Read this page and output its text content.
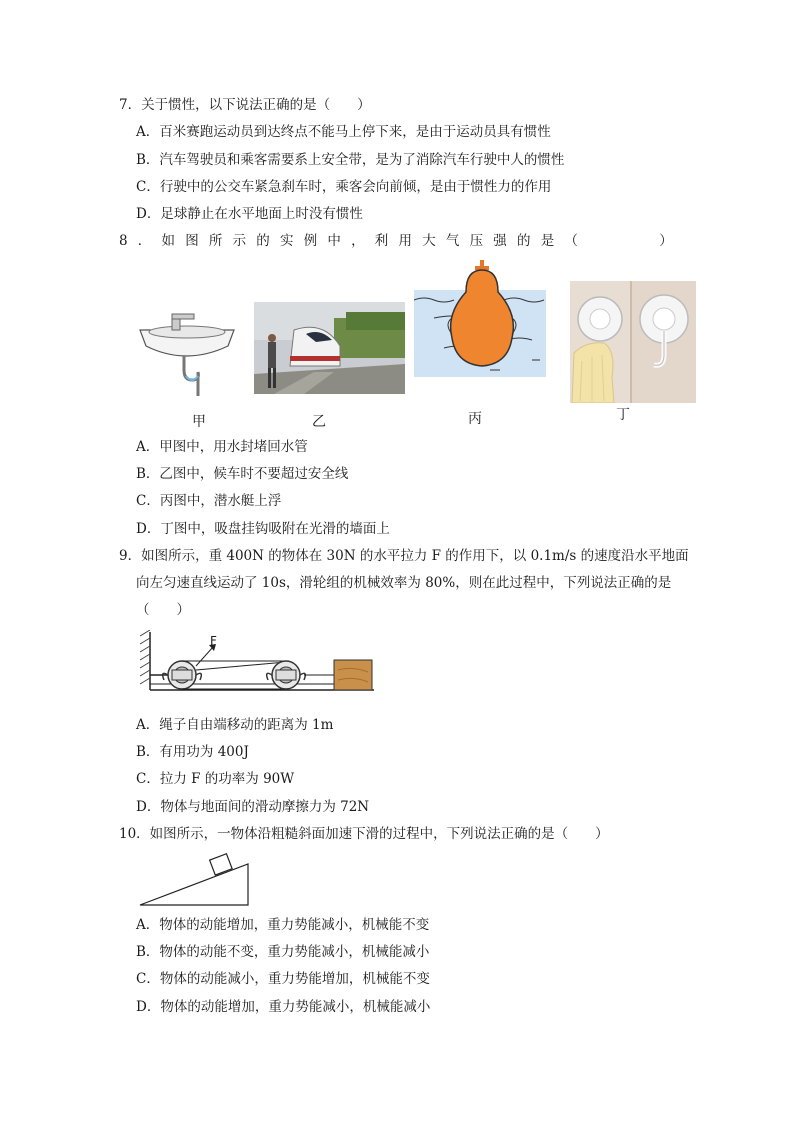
7．关于惯性，以下说法正确的是（　　）
A．百米赛跑运动员到达终点不能马上停下来，是由于运动员具有惯性
B．汽车驾驶员和乘客需要系上安全带，是为了消除汽车行驶中人的惯性
C．行驶中的公交车紧急刹车时，乘客会向前倾，是由于惯性力的作用
D．足球静止在水平地面上时没有惯性
8．如图所示的实例中，利用大气压强的是（　　　）
甲	乙	丙	丁
A．甲图中，用水封堵回水管
B．乙图中，候车时不要超过安全线
C．丙图中，潜水艇上浮
D．丁图中，吸盘挂钩吸附在光滑的墙面上
9．如图所示，重 400N 的物体在 30N 的水平拉力 F 的作用下，以 0.1m/s 的速度沿水平地面
向左匀速直线运动了 10s，滑轮组的机械效率为 80%，则在此过程中，下列说法正确的是
（　　）
F
A．绳子自由端移动的距离为 1m
B．有用功为 400J
C．拉力 F 的功率为 90W
D．物体与地面间的滑动摩擦力为 72N
10．如图所示，一物体沿粗糙斜面加速下滑的过程中，下列说法正确的是（　　）
A．物体的动能增加，重力势能减小，机械能不变
B．物体的动能不变，重力势能减小，机械能减小
C．物体的动能减小，重力势能增加，机械能不变
D．物体的动能增加，重力势能减小，机械能减小
